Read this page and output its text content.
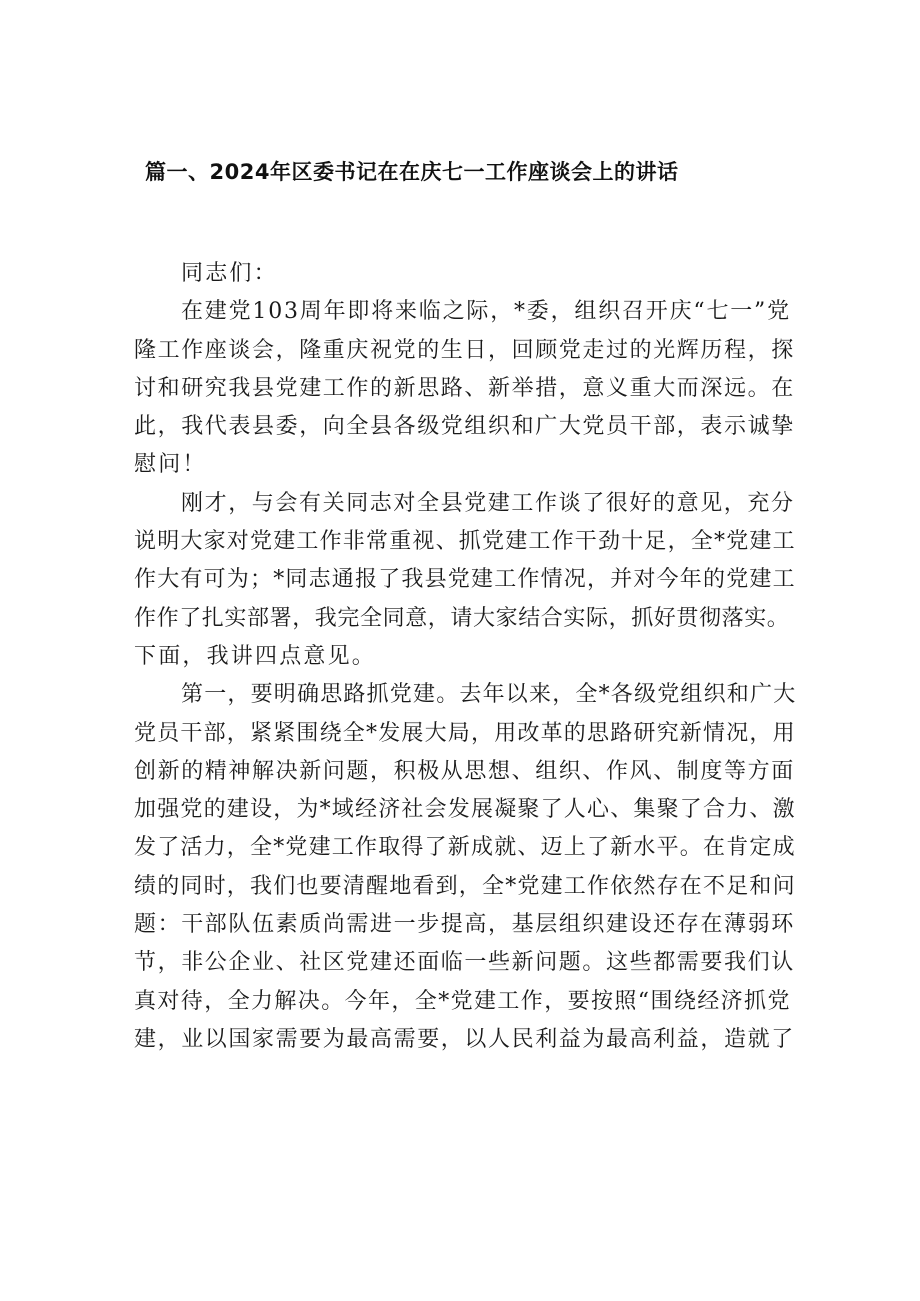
篇一、2024年区委书记在在庆七一工作座谈会上的讲话
同志们：
在建党103周年即将来临之际，*委，组织召开庆“七一”党
隆工作座谈会，隆重庆祝党的生日，回顾党走过的光辉历程，探
讨和研究我县党建工作的新思路、新举措，意义重大而深远。在
此，我代表县委，向全县各级党组织和广大党员干部，表示诚挚
慰问！
刚才，与会有关同志对全县党建工作谈了很好的意见，充分
说明大家对党建工作非常重视、抓党建工作干劲十足，全*党建工
作大有可为；*同志通报了我县党建工作情况，并对今年的党建工
作作了扎实部署，我完全同意，请大家结合实际，抓好贯彻落实。
下面，我讲四点意见。
第一，要明确思路抓党建。去年以来，全*各级党组织和广大
党员干部，紧紧围绕全*发展大局，用改革的思路研究新情况，用
创新的精神解决新问题，积极从思想、组织、作风、制度等方面
加强党的建设，为*域经济社会发展凝聚了人心、集聚了合力、激
发了活力，全*党建工作取得了新成就、迈上了新水平。在肯定成
绩的同时，我们也要清醒地看到，全*党建工作依然存在不足和问
题：干部队伍素质尚需进一步提高，基层组织建设还存在薄弱环
节，非公企业、社区党建还面临一些新问题。这些都需要我们认
真对待，全力解决。今年，全*党建工作，要按照“围绕经济抓党
建，业以国家需要为最高需要，以人民利益为最高利益，造就了
